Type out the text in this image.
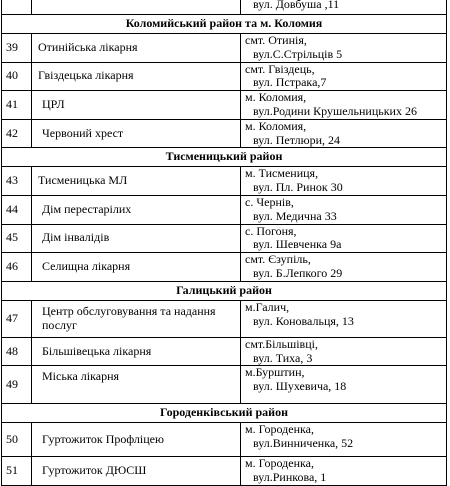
		вул. Довбуша ,11

Коломийський район та м. Коломия		
39	Отинійська лікарня	смт. Отинія,
вул.С.Стрільців 5

40	Гвіздецька лікарня	смт. Гвіздець,
вул. Пстрака,7

41	ЦРЛ	м. Коломия,
вул.Родини Крушельницьких 26

42	Червоний хрест	м. Коломия,
вул. Петлюри, 24

Тисменицький район		
43	Тисменицька МЛ	м. Тисмениця,
вул. Пл. Ринок 30

44	Дім перестарілих	с. Чернів,
вул. Медична 33

45	Дім інвалідів	с. Погоня,
вул. Шевченка 9а

46	Селищна лікарня	смт. Єзупіль,
вул. Б.Лепкого 29

Галицький район		
47	Центр обслуговування та надання послуг	м.Галич,
вул. Коновальця, 13

48	Більшівецька лікарня	смт.Більшівці,
вул. Тиха, 3

49	Міська лікарня	м.Бурштин,
вул. Шухевича, 18

Городенківський район		
50	Гуртожиток Профліцею	м. Городенка,
вул.Винниченка, 52

51	Гуртожиток ДЮСШ	м. Городенка,
вул.Ринкова, 1
